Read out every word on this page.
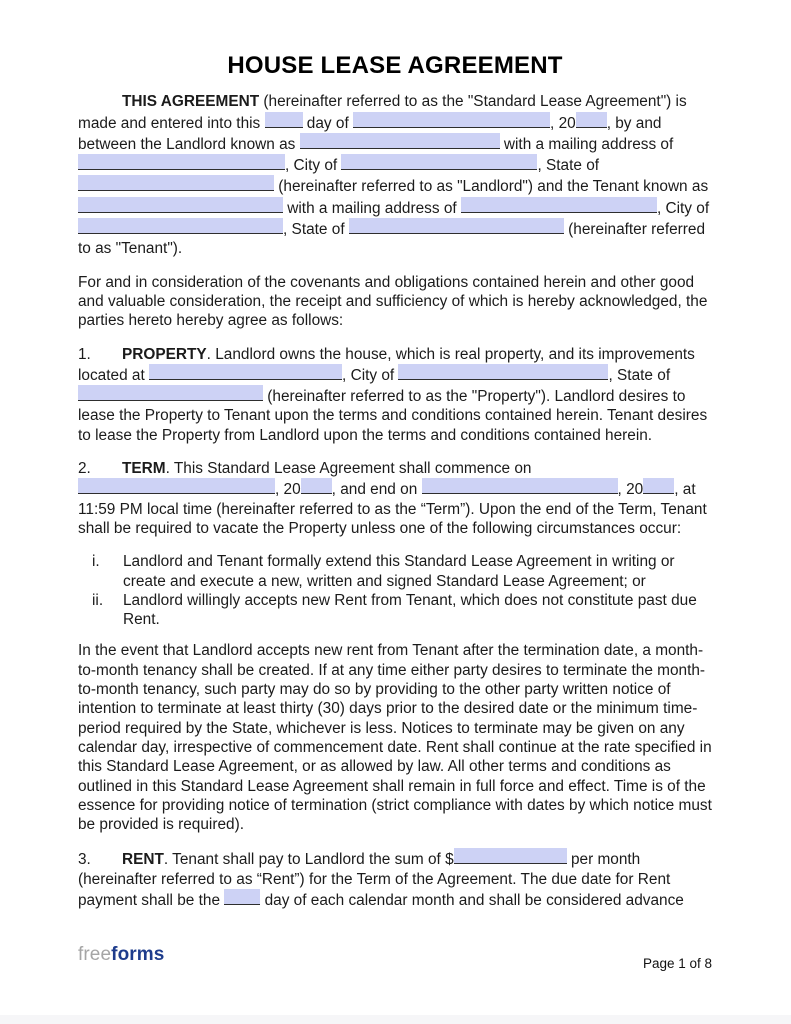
HOUSE LEASE AGREEMENT
THIS AGREEMENT (hereinafter referred to as the "Standard Lease Agreement") is made and entered into this  day of	, 20 , by and between the Landlord known as	with a mailing address of , City of	, State of  (hereinafter referred to as "Landlord") and the Tenant known as  with a mailing address of	, City of , State of	(hereinafter referred to as "Tenant").
For and in consideration of the covenants and obligations contained herein and other good and valuable consideration, the receipt and sufficiency of which is hereby acknowledged, the parties hereto hereby agree as follows:
1. PROPERTY. Landlord owns the house, which is real property, and its improvements located at	, City of	, State of  (hereinafter referred to as the "Property"). Landlord desires to lease the Property to Tenant upon the terms and conditions contained herein. Tenant desires to lease the Property from Landlord upon the terms and conditions contained herein.
2. TERM. This Standard Lease Agreement shall commence on , 20 , and end on	, 20 , at 11:59 PM local time (hereinafter referred to as the “Term”). Upon the end of the Term, Tenant shall be required to vacate the Property unless one of the following circumstances occur:
i.	Landlord and Tenant formally extend this Standard Lease Agreement in writing or create and execute a new, written and signed Standard Lease Agreement; or
ii.	Landlord willingly accepts new Rent from Tenant, which does not constitute past due Rent.
In the event that Landlord accepts new rent from Tenant after the termination date, a month-to-month tenancy shall be created. If at any time either party desires to terminate the month-to-month tenancy, such party may do so by providing to the other party written notice of intention to terminate at least thirty (30) days prior to the desired date or the minimum time-period required by the State, whichever is less. Notices to terminate may be given on any calendar day, irrespective of commencement date. Rent shall continue at the rate specified in this Standard Lease Agreement, or as allowed by law. All other terms and conditions as outlined in this Standard Lease Agreement shall remain in full force and effect. Time is of the essence for providing notice of termination (strict compliance with dates by which notice must be provided is required).
3. RENT. Tenant shall pay to Landlord the sum of $	per month (hereinafter referred to as “Rent”) for the Term of the Agreement. The due date for Rent payment shall be the  day of each calendar month and shall be considered advance
freeforms	Page 1 of 8
